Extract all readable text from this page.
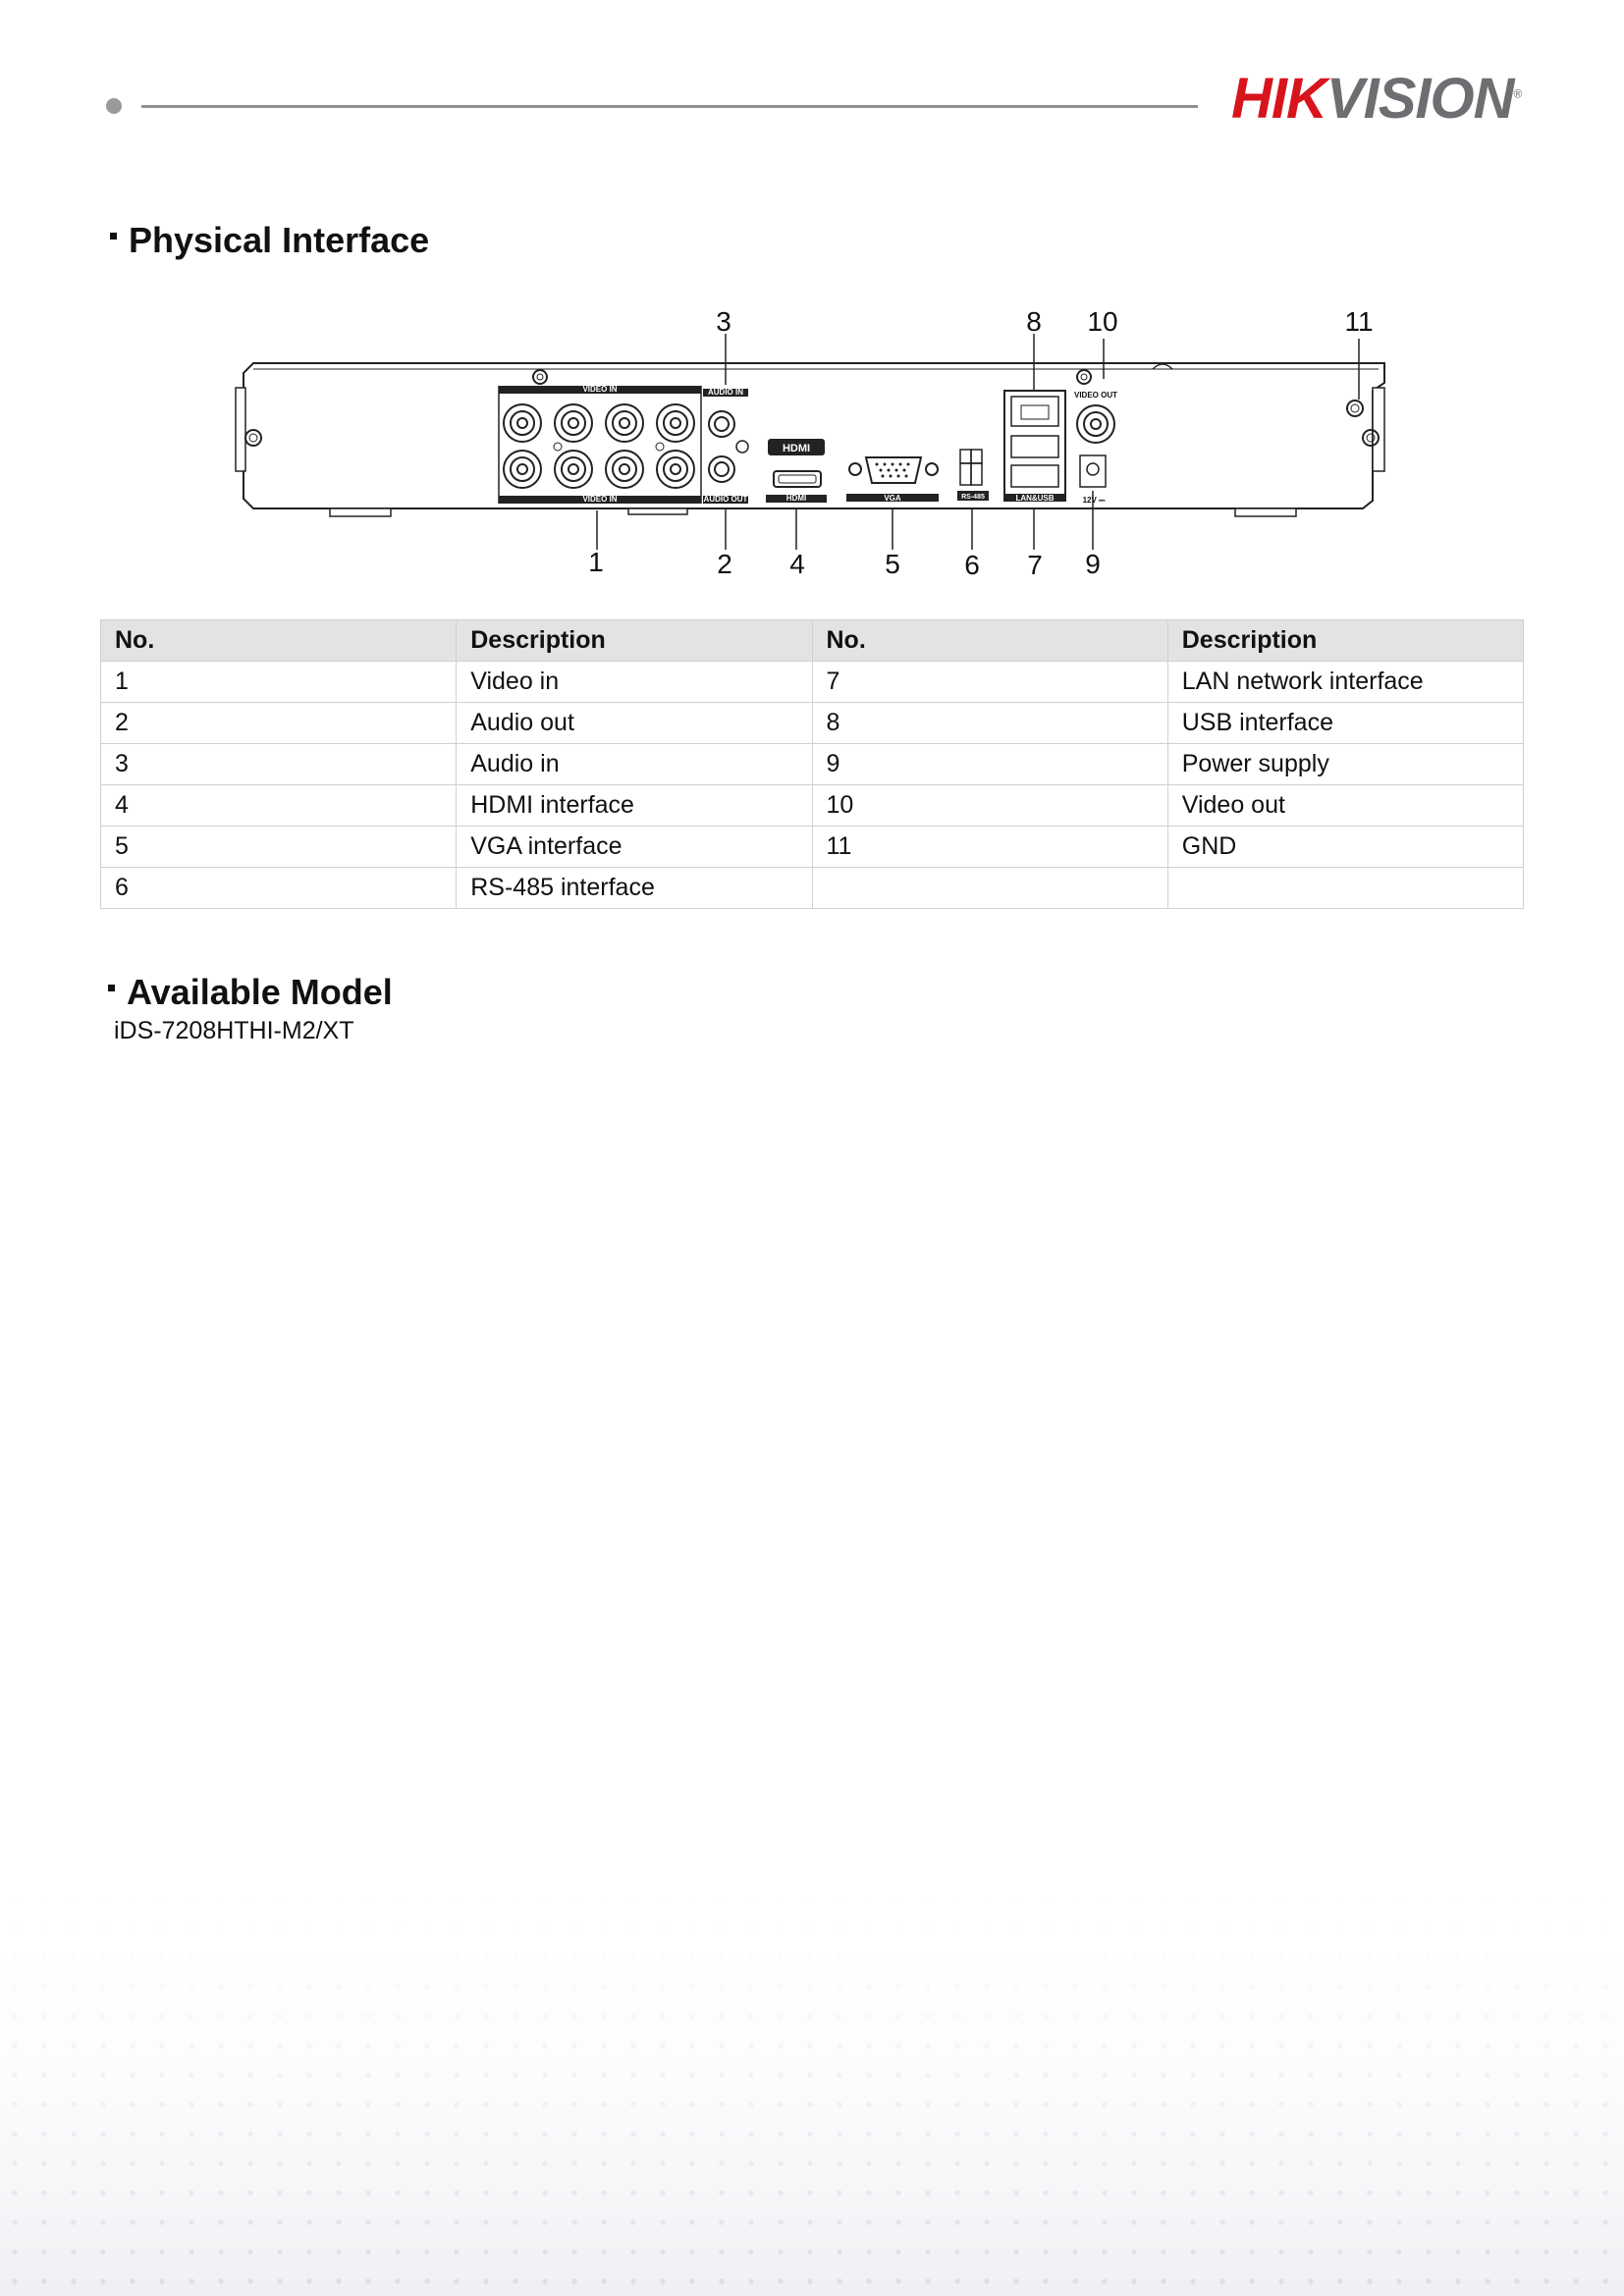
HIKVISION®
Physical Interface
VIDEO IN
VIDEO IN
AUDIO IN
AUDIO OUT
HDMI
HDMI	VGA	RS-485	LAN&USB
VIDEO OUT
12V ⎓
3	8 10	11
1	2 4	5 6 7 9
No.	Description	No.	Description
1	Video in	7	LAN network interface
2	Audio out	8	USB interface
3	Audio in	9	Power supply
4	HDMI interface	10	Video out
5	VGA interface	11	GND
6	RS-485 interface		
Available Model
iDS-7208HTHI-M2/XT
